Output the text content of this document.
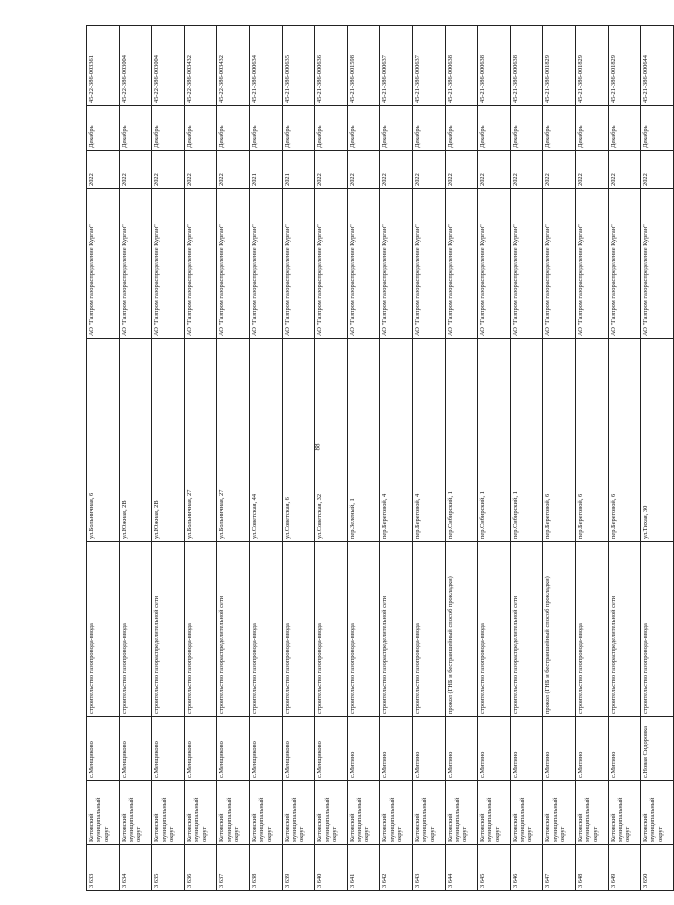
88
3 633	Кетовский муниципальный округ	с.Менщиково	строительство газопровода-ввода	ул.Больничная, 6	АО "Газпром газораспределение Курган"	2022	Декабрь	45-22-386-003361
3 634	Кетовский муниципальный округ	с.Менщиково	строительство газопровода-ввода	ул.Южная, 2В	АО "Газпром газораспределение Курган"	2022	Декабрь	45-22-386-003004
3 635	Кетовский муниципальный округ	с.Менщиково	строительство газораспределительной сети	ул.Южная, 2В	АО "Газпром газораспределение Курган"	2022	Декабрь	45-22-386-003004
3 636	Кетовский муниципальный округ	с.Менщиково	строительство газопровода-ввода	ул.Больничная, 27	АО "Газпром газораспределение Курган"	2022	Декабрь	45-22-386-003432
3 637	Кетовский муниципальный округ	с.Менщиково	строительство газораспределительной сети	ул.Больничная, 27	АО "Газпром газораспределение Курган"	2022	Декабрь	45-22-386-003432
3 638	Кетовский муниципальный округ	с.Менщиково	строительство газопровода-ввода	ул.Советская, 44	АО "Газпром газораспределение Курган"	2021	Декабрь	45-21-386-000634
3 639	Кетовский муниципальный округ	с.Менщиково	строительство газопровода-ввода	ул.Советская, 6	АО "Газпром газораспределение Курган"	2021	Декабрь	45-21-386-000635
3 640	Кетовский муниципальный округ	с.Менщиково	строительство газопровода-ввода	ул.Советская, 32	АО "Газпром газораспределение Курган"	2022	Декабрь	45-21-386-000636
3 641	Кетовский муниципальный округ	с.Митино	строительство газопровода-ввода	пер.Зеленый, 1	АО "Газпром газораспределение Курган"	2022	Декабрь	45-21-386-001598
3 642	Кетовский муниципальный округ	с.Митино	строительство газораспределительной сети	пер.Береговой, 4	АО "Газпром газораспределение Курган"	2022	Декабрь	45-21-386-000637
3 643	Кетовский муниципальный округ	с.Митино	строительство газопровода-ввода	пер.Береговой, 4	АО "Газпром газораспределение Курган"	2022	Декабрь	45-21-386-000637
3 644	Кетовский муниципальный округ	с.Митино	прокол (ГНБ и бестраншейный способ прокладки)	пер.Сибирский, 1	АО "Газпром газораспределение Курган"	2022	Декабрь	45-21-386-000638
3 645	Кетовский муниципальный округ	с.Митино	строительство газопровода-ввода	пер.Сибирский, 1	АО "Газпром газораспределение Курган"	2022	Декабрь	45-21-386-000638
3 646	Кетовский муниципальный округ	с.Митино	строительство газораспределительной сети	пер.Сибирский, 1	АО "Газпром газораспределение Курган"	2022	Декабрь	45-21-386-000638
3 647	Кетовский муниципальный округ	с.Митино	прокол (ГНБ и бестраншейный способ прокладки)	пер.Береговой, 6	АО "Газпром газораспределение Курган"	2022	Декабрь	45-21-386-001829
3 648	Кетовский муниципальный округ	с.Митино	строительство газопровода-ввода	пер.Береговой, 6	АО "Газпром газораспределение Курган"	2022	Декабрь	45-21-386-001829
3 649	Кетовский муниципальный округ	с.Митино	строительство газораспределительной сети	пер.Береговой, 6	АО "Газпром газораспределение Курган"	2022	Декабрь	45-21-386-001829
3 650	Кетовский муниципальный округ	с.Новая Сидоровка	строительство газопровода-ввода	ул.Тихая, 30	АО "Газпром газораспределение Курган"	2022	Декабрь	45-21-386-000644
